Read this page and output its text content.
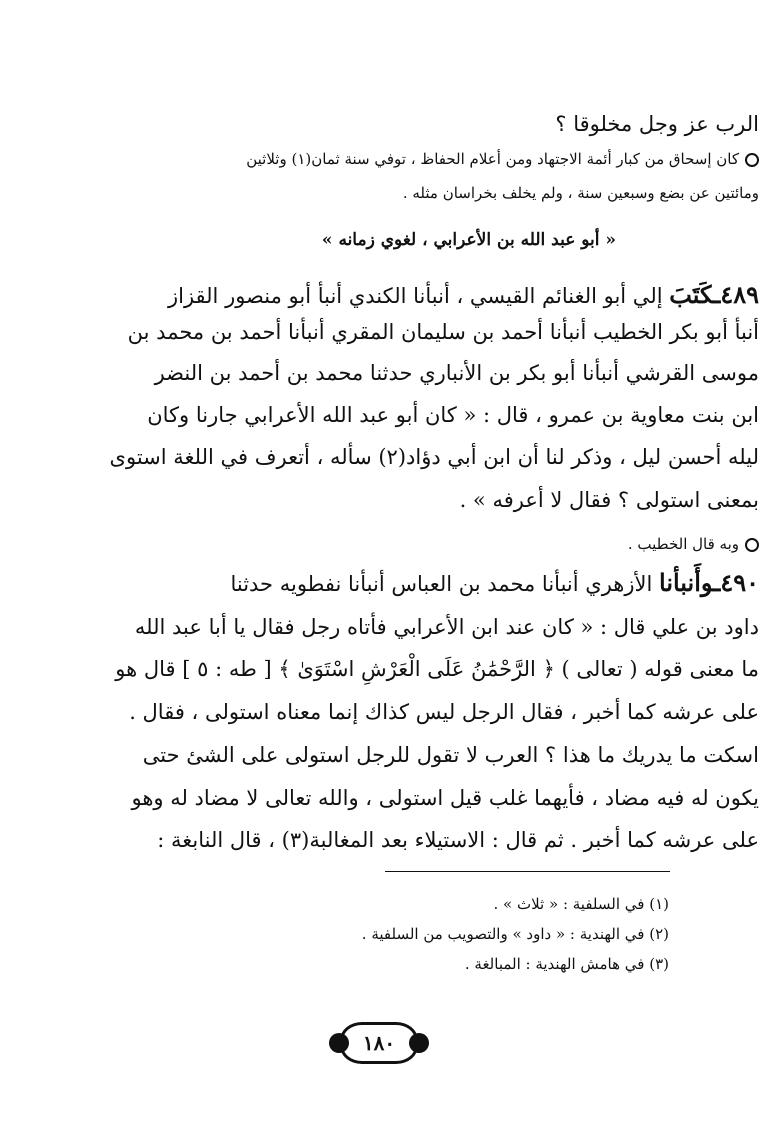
الرب عز وجل مخلوقا ؟
كان إسحاق من كبار أئمة الاجتهاد ومن أعلام الحفاظ ، توفي سنة ثمان(١) وثلاثين
ومائتين عن بضع وسبعين سنة ، ولم يخلف بخراسان مثله .
« أبو عبد الله بن الأعرابي ، لغوي زمانه »
٤٨٩ـكَتَبَ إلي أبو الغنائم القيسي ، أنبأنا الكندي أنبأ أبو منصور القزاز
أنبأ أبو بكر الخطيب أنبأنا أحمد بن سليمان المقري أنبأنا أحمد بن محمد بن
موسى القرشي أنبأنا أبو بكر بن الأنباري حدثنا محمد بن أحمد بن النضر
ابن بنت معاوية بن عمرو ، قال : « كان أبو عبد الله الأعرابي جارنا وكان
ليله أحسن ليل ، وذكر لنا أن ابن أبي دؤاد(٢) سأله ، أتعرف في اللغة استوى
بمعنى استولى ؟ فقال لا أعرفه » .
وبه قال الخطيب .
٤٩٠ـوأَنبأنا الأزهري أنبأنا محمد بن العباس أنبأنا نفطويه حدثنا
داود بن علي قال : « كان عند ابن الأعرابي فأتاه رجل فقال يا أبا عبد الله
ما معنى قوله ( تعالى ) ﴿ الرَّحْمَٰنُ عَلَى الْعَرْشِ اسْتَوَىٰ ﴾ [ طه : ٥ ] قال هو
على عرشه كما أخبر ، فقال الرجل ليس كذاك إنما معناه استولى ، فقال .
اسكت ما يدريك ما هذا ؟ العرب لا تقول للرجل استولى على الشئ حتى
يكون له فيه مضاد ، فأيهما غلب قيل استولى ، والله تعالى لا مضاد له وهو
على عرشه كما أخبر . ثم قال : الاستيلاء بعد المغالبة(٣) ، قال النابغة :
(١) في السلفية : « ثلاث » .
(٢) في الهندية : « داود » والتصويب من السلفية .
(٣) في هامش الهندية : المبالغة .
١٨٠
